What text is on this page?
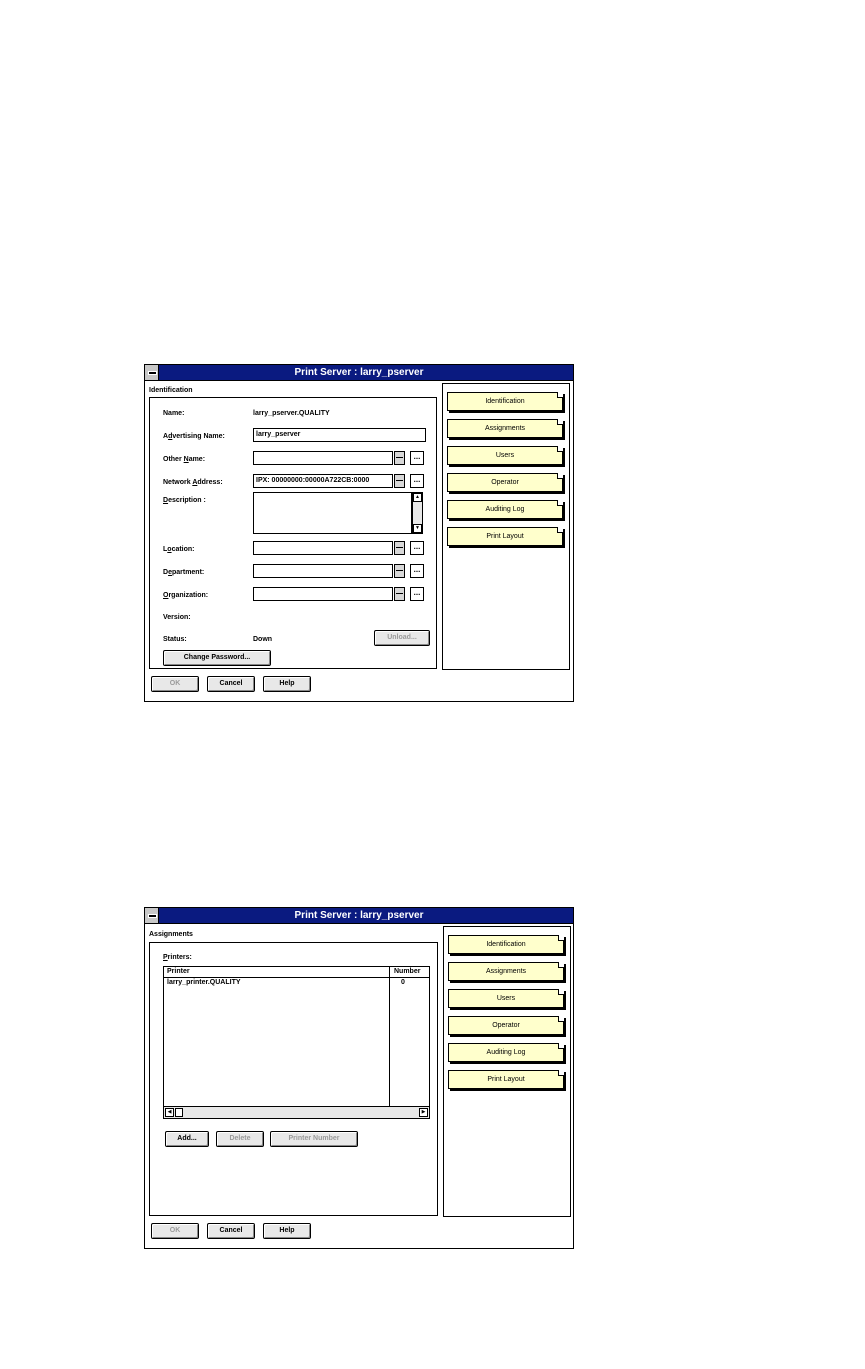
Print Server : larry_pserver
Identification
Name:	larry_pserver.QUALITY
Advertising Name:	larry_pserver
Other Name:	...
Network Address:	IPX: 00000000:00000A722CB:0000	...
Description :	▲
▼
Location:	...
Department:	...
Organization:	...
Version:
Status:	Down	Unload...
Change Password...
Identification
Assignments
Users
Operator
Auditing Log
Print Layout
OK	Cancel	Help
Print Server : larry_pserver
Assignments
Printers:
Printer	Number
larry_printer.QUALITY	0
◀	▶
Add...	Delete	Printer Number
Identification
Assignments
Users
Operator
Auditing Log
Print Layout
OK	Cancel	Help
